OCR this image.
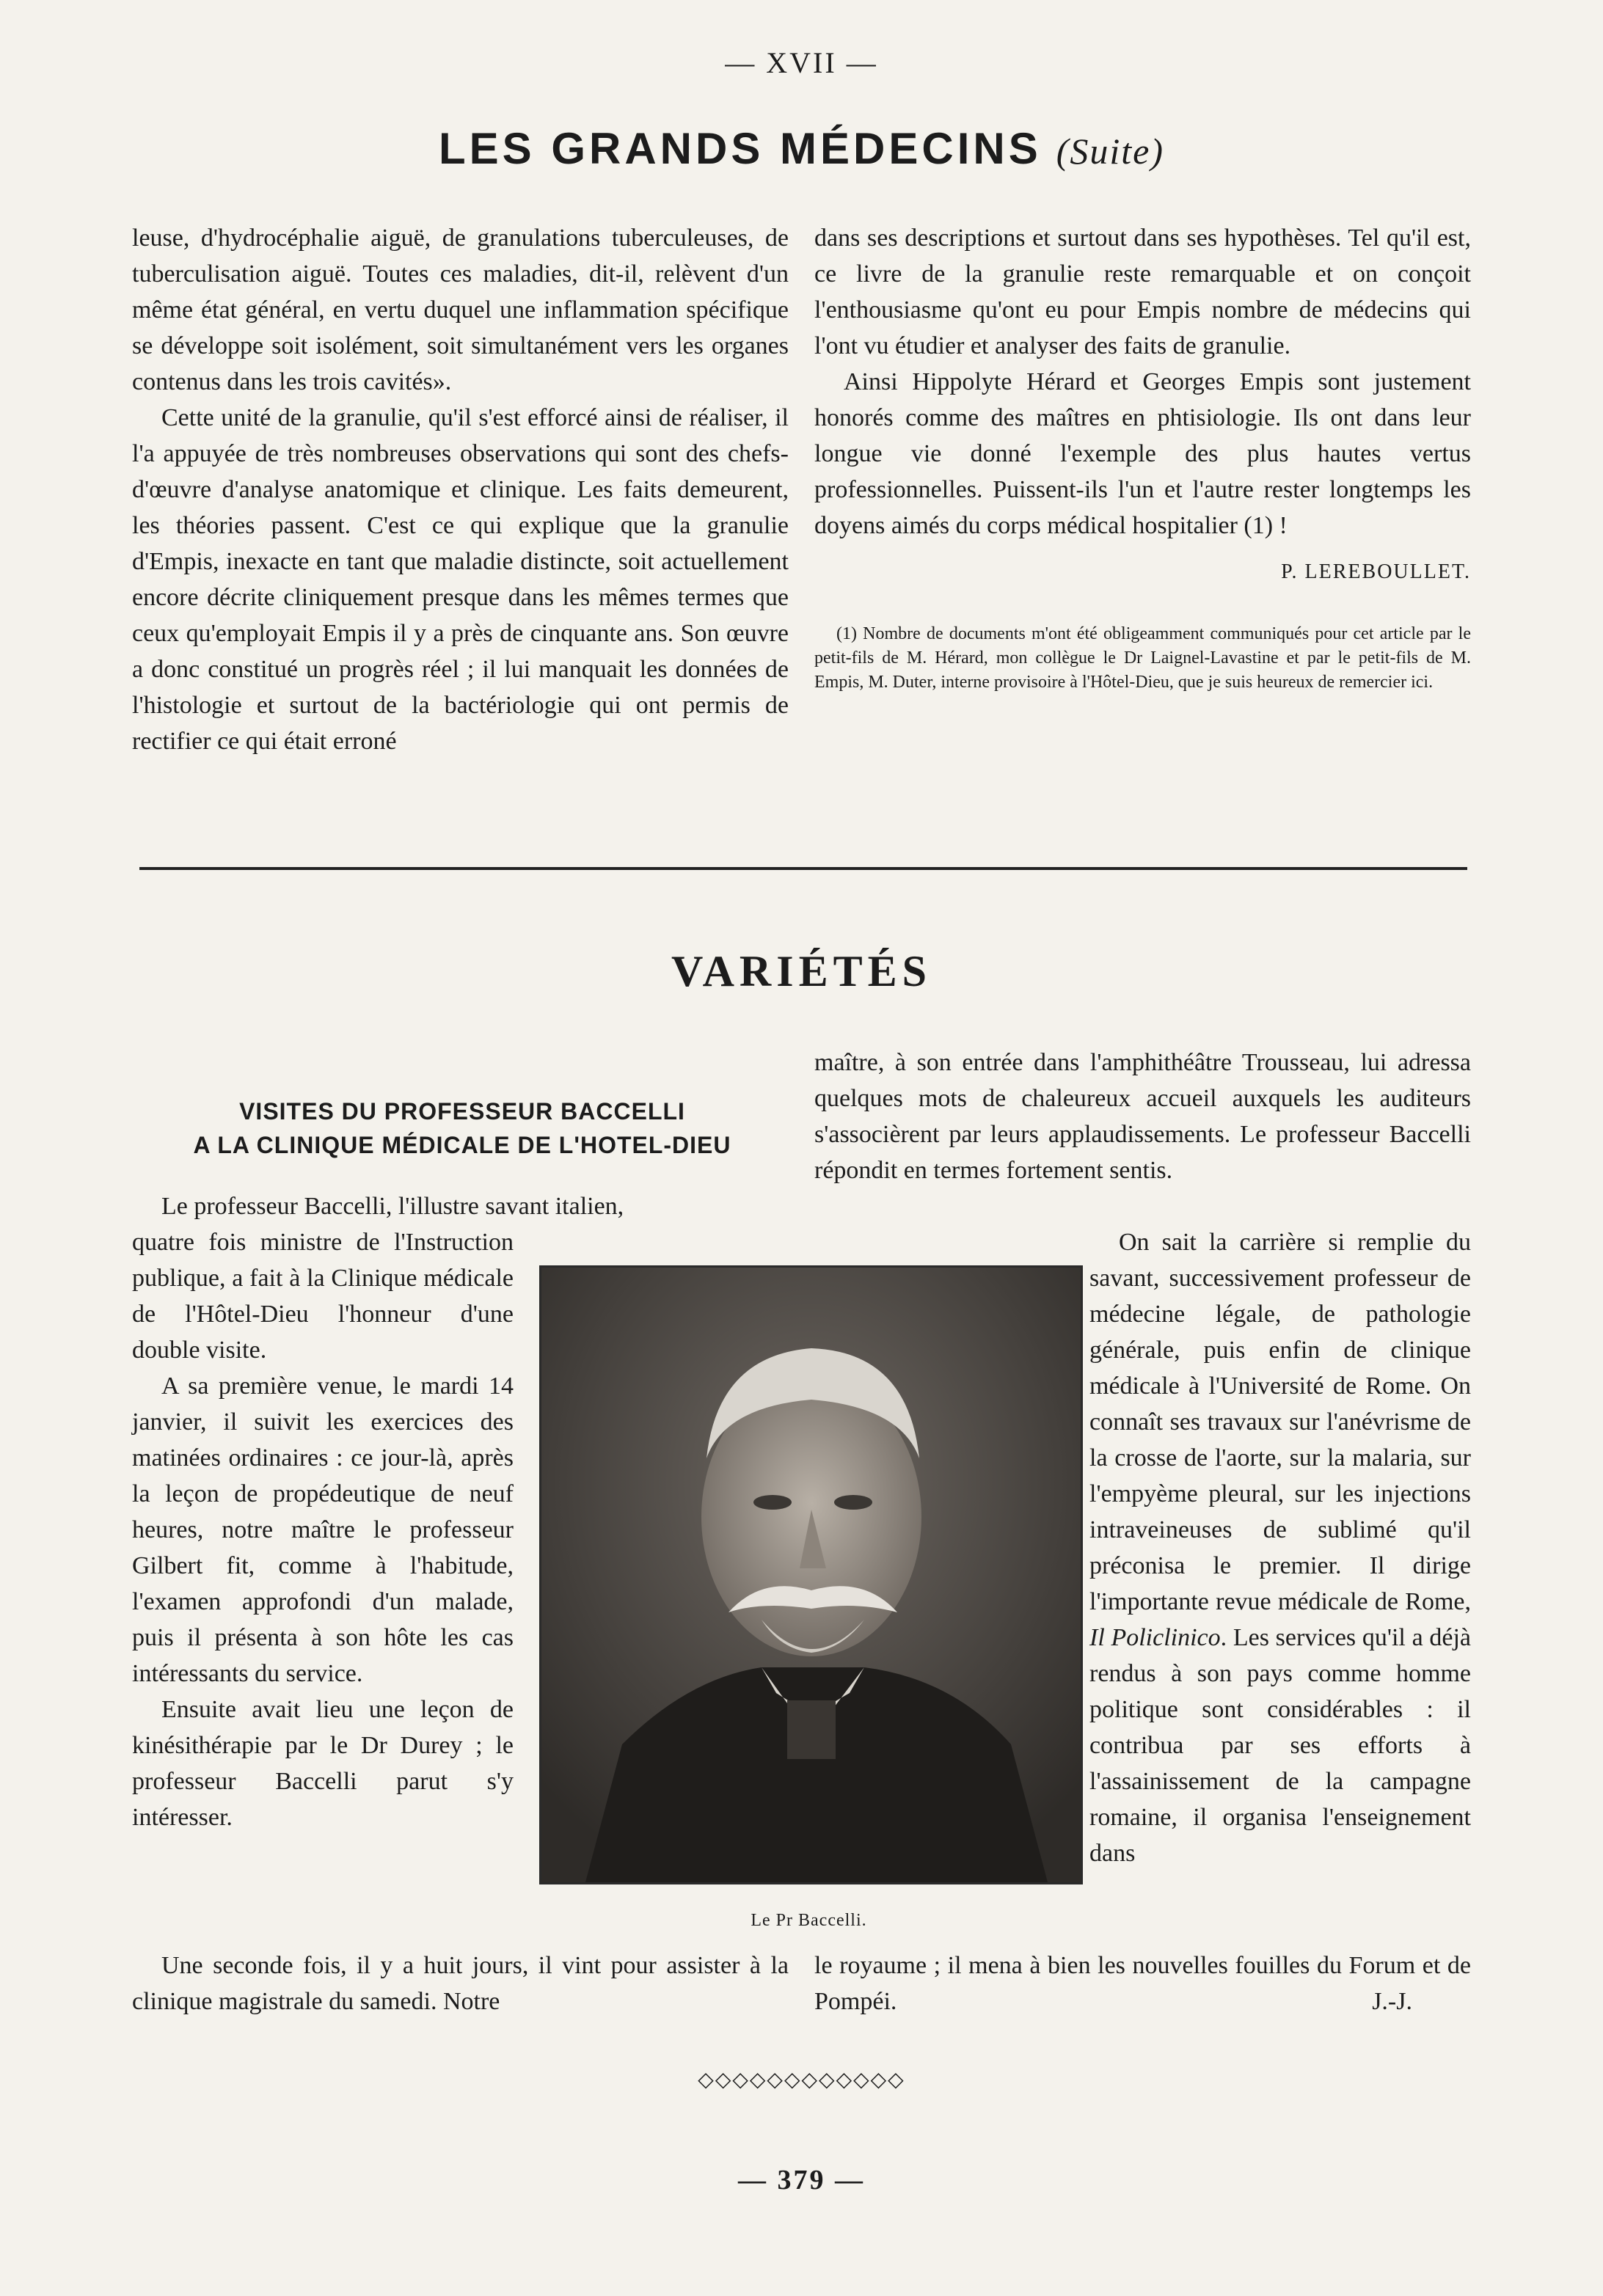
— XVII —
LES GRANDS MÉDECINS (Suite)

leuse, d'hydrocéphalie aiguë, de granulations tuberculeuses, de tuberculisation aiguë. Toutes ces maladies, dit-il, relèvent d'un même état général, en vertu duquel une inflammation spécifique se développe soit isolément, soit simultanément vers les organes contenus dans les trois cavités».

Cette unité de la granulie, qu'il s'est efforcé ainsi de réaliser, il l'a appuyée de très nombreuses observations qui sont des chefs-d'œuvre d'analyse anatomique et clinique. Les faits demeurent, les théories passent. C'est ce qui explique que la granulie d'Empis, inexacte en tant que maladie distincte, soit actuellement encore décrite cliniquement presque dans les mêmes termes que ceux qu'employait Empis il y a près de cinquante ans. Son œuvre a donc constitué un progrès réel ; il lui manquait les données de l'histologie et surtout de la bactériologie qui ont permis de rectifier ce qui était erroné

dans ses descriptions et surtout dans ses hypothèses. Tel qu'il est, ce livre de la granulie reste remarquable et on conçoit l'enthousiasme qu'ont eu pour Empis nombre de médecins qui l'ont vu étudier et analyser des faits de granulie.

Ainsi Hippolyte Hérard et Georges Empis sont justement honorés comme des maîtres en phtisiologie. Ils ont dans leur longue vie donné l'exemple des plus hautes vertus professionnelles. Puissent-ils l'un et l'autre rester longtemps les doyens aimés du corps médical hospitalier (1) !

P. LEREBOULLET.
(1) Nombre de documents m'ont été obligeamment communiqués pour cet article par le petit-fils de M. Hérard, mon collègue le Dr Laignel-Lavastine et par le petit-fils de M. Empis, M. Duter, interne provisoire à l'Hôtel-Dieu, que je suis heureux de remercier ici.
VARIÉTÉS
VISITES DU PROFESSEUR BACCELLI
A LA CLINIQUE MÉDICALE DE L'HOTEL-DIEU
Le professeur Baccelli, l'illustre savant italien,

quatre fois ministre de l'Instruction publique, a fait à la Clinique médicale de l'Hôtel-Dieu l'honneur d'une double visite.

A sa première venue, le mardi 14 janvier, il suivit les exercices des matinées ordinaires : ce jour-là, après la leçon de propédeutique de neuf heures, notre maître le professeur Gilbert fit, comme à l'habitude, l'examen approfondi d'un malade, puis il présenta à son hôte les cas intéressants du service.

Ensuite avait lieu une leçon de kinésithérapie par le Dr Durey ; le professeur Baccelli parut s'y intéresser.

Une seconde fois, il y a huit jours, il vint pour assister à la clinique magistrale du samedi. Notre
maître, à son entrée dans l'amphithéâtre Trousseau, lui adressa quelques mots de chaleureux accueil auxquels les auditeurs s'associèrent par leurs applaudissements. Le professeur Baccelli répondit en termes fortement sentis.
On sait la carrière si remplie du savant, successivement professeur de médecine légale, de pathologie générale, puis enfin de clinique médicale à l'Université de Rome. On connaît ses travaux sur l'anévrisme de la crosse de l'aorte, sur la malaria, sur l'empyème pleural, sur les injections intraveineuses de sublimé qu'il préconisa le premier. Il dirige l'importante revue médicale de Rome, Il Policlinico. Les services qu'il a déjà rendus à son pays comme homme politique sont considérables : il contribua par ses efforts à l'assainissement de la campagne romaine, il organisa l'enseignement dans
le royaume ; il mena à bien les nouvelles fouilles du Forum et de Pompéi.	J.-J.
Le Pr Baccelli.
◇◇◇◇◇◇◇◇◇◇◇◇
— 379 —
